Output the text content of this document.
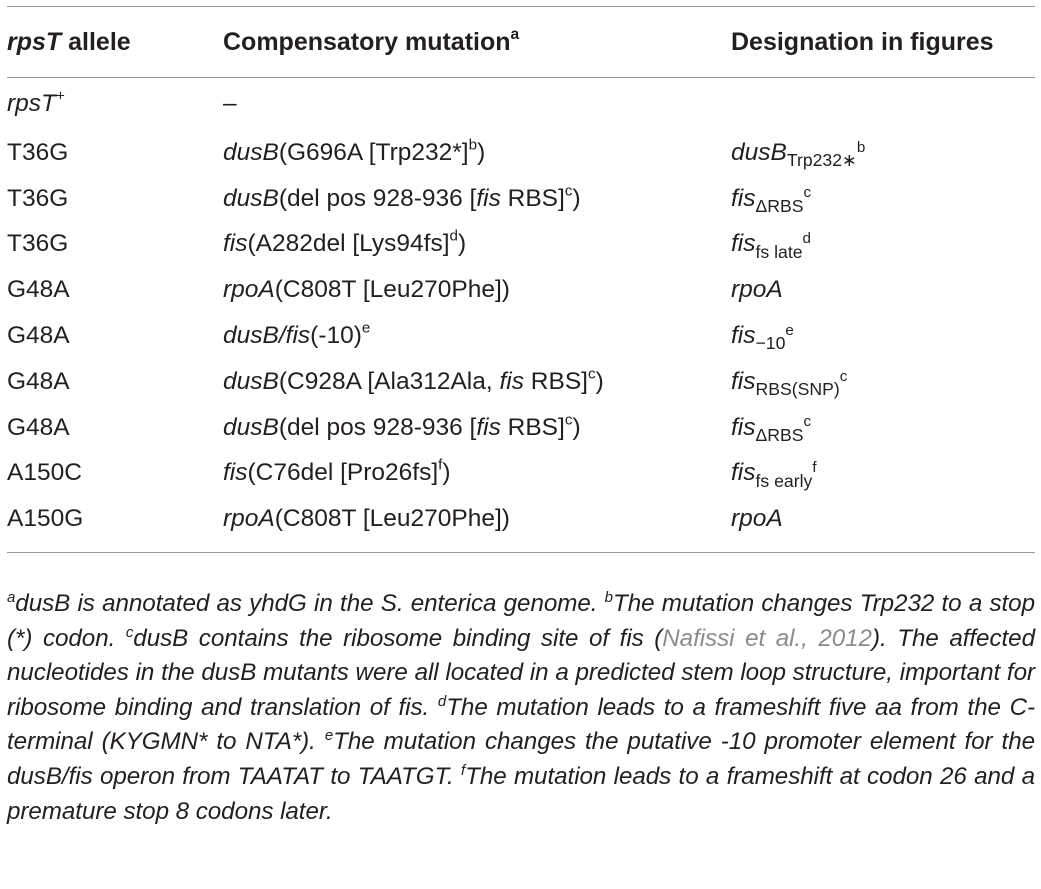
rpsT allele	Compensatory mutation$^a$	Designation in figures
rpsT+	–	
T36G	dusB(G696A $[Trp232*]^b$)	dusB$_{Trp232∗}^b$
T36G	dusB(del pos 928-936 [fis RBS]$^c$)	fis$_{\Delta RBS}^c$
T36G	fis(A282del $[Lys94fs]^d$)	fis$_{fs late}^d$
G48A	rpoA(C808T [Leu270Phe])	rpoA
G48A	dusB/$fis(-10)^e$	fis$_{-10}^e$
G48A	dusB(C928A [Ala312Ala, fis RBS]$^c$)	fis$_{RBS(SNP)}^c$
G48A	dusB(del pos 928-936 [fis RBS]$^c$)	fis$_{\Delta RBS}^c$
A150C	fis(C76del $[Pro26fs]^f$)	fis$_{fs early}^f$
A150G	rpoA(C808T [Leu270Phe])	rpoA
$^a$dusB is annotated as yhdG in the S. enterica genome. $^b$The mutation changes Trp232 to a stop (*) codon. $^c$dusB contains the ribosome binding site of fis (Nafissi et al., 2012). The affected nucleotides in the dusB mutants were all located in a predicted stem loop structure, important for ribosome binding and translation of fis. $^d$The mutation leads to a frameshift five aa from the C-terminal (KYGMN* to NTA*). $^e$The mutation changes the putative -10 promoter element for the dusB/fis operon from TAATAT to TAATGT. $^f$The mutation leads to a frameshift at codon 26 and a premature stop 8 codons later.
